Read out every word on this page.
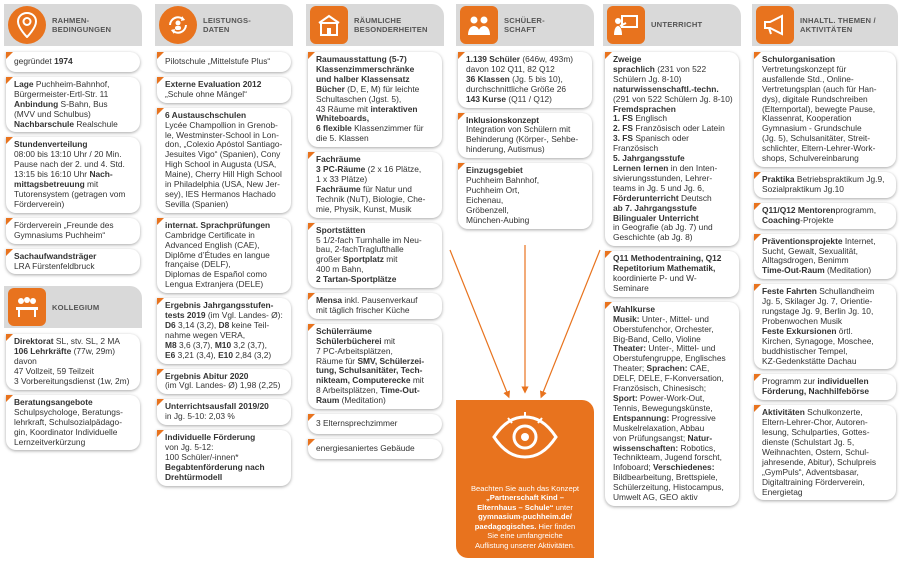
RAHMEN-
BEDINGUNGEN
gegründet 1974
Lage Puchheim-Bahnhof,
Bürgermeister-Ertl-Str. 11
Anbindung S-Bahn, Bus
(MVV und Schulbus)
Nachbarschule Realschule
Stundenverteilung
08:00 bis 13:10 Uhr / 20 Min.
Pause nach der 2. und 4. Std.
13:15 bis 16:10 Uhr Nach-
mittagsbetreuung mit
Tutorensystem (getragen vom
Förderverein)
Förderverein „Freunde des
Gymnasiums Puchheim“
Sachaufwandsträger
LRA Fürstenfeldbruck
KOLLEGIUM
Direktorat SL, stv. SL, 2 MA
106 Lehrkräfte (77w, 29m)
davon
47 Vollzeit, 59 Teilzeit
3 Vorbereitungsdienst (1w, 2m)
Beratungsangebote
Schulpsychologe, Beratungs-
lehrkraft, Schulsozialpädago-
gin, Koordinator Individuelle
Lernzeitverkürzung
LEISTUNGS-
DATEN
Pilotschule „Mittelstufe Plus“
Externe Evaluation 2012
„Schule ohne Mängel“
6 Austauschschulen
Lycée Champollion in Grenob-
le, Westminster-School in Lon-
don, „Colexio Apóstol Santiago-
Jesuites Vigo“ (Spanien), Cony
High School in Augusta (USA,
Maine), Cherry Hill High School
in Philadelphia (USA, New Jer-
sey), IES Hermanos Hachado
Sevilla (Spanien)
internat. Sprachprüfungen
Cambridge Certificate in
Advanced English (CAE),
Diplôme d’Études en langue
française (DELF),
Diplomas de Español como
Lengua Extranjera (DELE)
Ergebnis Jahrgangsstufen-
tests 2019 (im Vgl. Landes- Ø):
D6 3,14 (3,2), D8 keine Teil-
nahme wegen VERA,
M8 3,6 (3,7), M10 3,2 (3,7),
E6 3,21 (3,4), E10 2,84 (3,2)
Ergebnis Abitur 2020
(im Vgl. Landes- Ø) 1,98 (2,25)
Unterrichtsausfall 2019/20
in Jg. 5-10: 2,03 %
Individuelle Förderung
von Jg. 5-12:
100 Schüler/-innen*
Begabtenförderung nach
Drehtürmodell
RÄUMLICHE
BESONDERHEITEN
Raumausstattung (5-7)
Klassenzimmerschränke
und halber Klassensatz
Bücher (D, E, M) für leichte
Schultaschen (Jgst. 5),
43 Räume mit interaktiven
Whiteboards,
6 flexible Klassenzimmer für
die 5. Klassen
Fachräume
3 PC-Räume (2 x 16 Plätze,
1 x 33 Plätze)
Fachräume für Natur und
Technik (NuT), Biologie, Che-
mie, Physik, Kunst, Musik
Sportstätten
5 1/2-fach Turnhalle im Neu-
bau, 2-fachTraglufthalle
großer Sportplatz mit
400 m Bahn,
2 Tartan-Sportplätze
Mensa inkl. Pausenverkauf
mit täglich frischer Küche
Schülerräume
Schülerbücherei mit
7 PC-Arbeitsplätzen,
Räume für SMV, Schülerzei-
tung, Schulsanitäter, Tech-
nikteam, Computerecke mit
8 Arbeitsplätzen, Time-Out-
Raum (Meditation)
3 Elternsprechzimmer
energiesaniertes Gebäude
SCHÜLER-
SCHAFT
1.139 Schüler (646w, 493m)
davon 102 Q11, 82 Q12
36 Klassen (Jg. 5 bis 10),
durchschnittliche Größe 26
143 Kurse (Q11 / Q12)
Inklusionskonzept
Integration von Schülern mit
Behinderung (Körper-, Sehbe-
hinderung, Autismus)
Einzugsgebiet
Puchheim Bahnhof,
Puchheim Ort,
Eichenau,
Gröbenzell,
München-Aubing
Beachten Sie auch das Konzept
„Partnerschaft Kind –
Elternhaus – Schule“ unter
gymnasium-puchheim.de/
paedagogisches. Hier finden
Sie eine umfangreiche
Auflistung unserer Aktivitäten.
UNTERRICHT
Zweige
sprachlich (231 von 522
Schülern Jg. 8-10)
naturwissenschaftl.-techn.
(291 von 522 Schülern Jg. 8-10)
Fremdsprachen
1. FS Englisch
2. FS Französisch oder Latein
3. FS Spanisch oder Französisch
5. Jahrgangsstufe
Lernen lernen in den Inten-
sivierungsstunden, Lehrer-
teams in Jg. 5 und Jg. 6,
Förderunterricht Deutsch
ab 7. Jahrgangsstufe
Bilingualer Unterricht
in Geografie (ab Jg. 7) und
Geschichte (ab Jg. 8)
Q11 Methodentraining, Q12
Repetitorium Mathematik,
koordinierte P- und W-
Seminare
Wahlkurse
Musik: Unter-, Mittel- und
Oberstufenchor, Orchester,
Big-Band, Cello, Violine
Theater: Unter-, Mittel- und
Oberstufengruppe, Englisches
Theater; Sprachen: CAE,
DELF, DELE, F-Konversation,
Französisch, Chinesisch;
Sport: Power-Work-Out,
Tennis, Bewegungskünste,
Entspannung: Progressive
Muskelrelaxation, Abbau
von Prüfungsangst; Natur-
wissenschaften: Robotics,
Technikteam, Jugend forscht,
Infoboard; Verschiedenes:
Bildbearbeitung, Brettspiele,
Schülerzeitung, Histocampus,
Umwelt AG, GEO aktiv
INHALTL. THEMEN /
AKTIVITÄTEN
Schulorganisation
Vertretungskonzept für
ausfallende Std., Online-
Vertretungsplan (auch für Han-
dys), digitale Rundschreiben
(Elternportal), bewegte Pause,
Klassenrat, Kooperation
Gymnasium - Grundschule
(Jg. 5), Schulsanitäter, Streit-
schlichter, Eltern-Lehrer-Work-
shops, Schulvereinbarung
Praktika Betriebspraktikum Jg.9,
Sozialpraktikum Jg.10
Q11/Q12 Mentorenprogramm,
Coaching-Projekte
Präventionsprojekte Internet,
Sucht, Gewalt, Sexualität,
Alltagsdrogen, Benimm
Time-Out-Raum (Meditation)
Feste Fahrten Schullandheim
Jg. 5, Skilager Jg. 7, Orientie-
rungstage Jg. 9, Berlin Jg. 10,
Probenwochen Musik
Feste Exkursionen örtl.
Kirchen, Synagoge, Moschee,
buddhistischer Tempel,
KZ-Gedenkstätte Dachau
Programm zur individuellen
Förderung, Nachhilfebörse
Aktivitäten Schulkonzerte,
Eltern-Lehrer-Chor, Autoren-
lesung, Schulparties, Gottes-
dienste (Schulstart Jg. 5,
Weihnachten, Ostern, Schul-
jahresende, Abitur), Schulpreis
„GymPuls“, Adventsbasar,
Digitaltraining Förderverein,
Energietag
